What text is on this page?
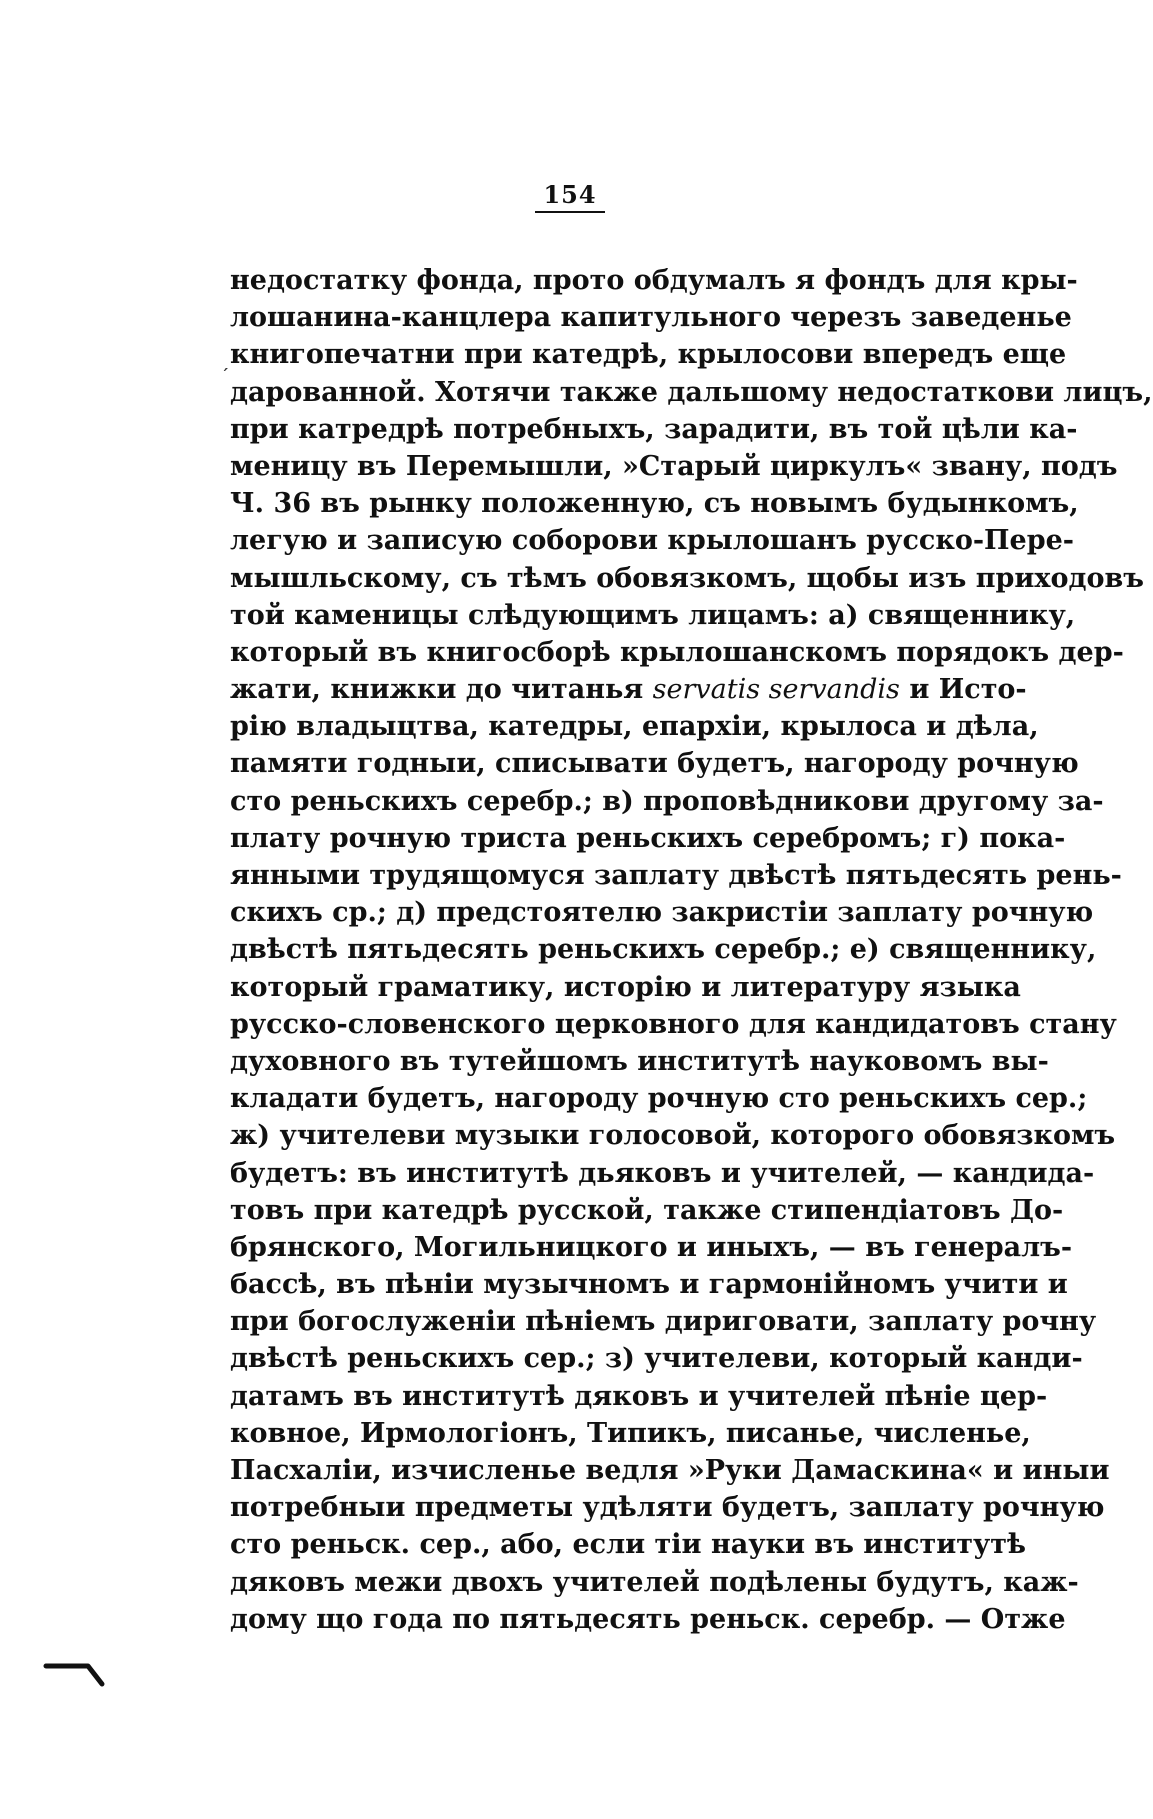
154
´
недостатку фонда, прото обдумалъ я фондъ для кры-
лошанина-канцлера капитульного черезъ заведенье
книгопечатни при катедрѣ, крылосови впередъ еще
дарованной. Хотячи также дальшому недостаткови лицъ,
при катредрѣ потребныхъ, зарадити, въ той цѣли ка-
меницу въ Перемышли, »Старый циркулъ« звану, подъ
Ч. 36 въ рынку положенную, съ новымъ будынкомъ,
легую и записую соборови крылошанъ русско-Пере-
мышльскому, съ тѣмъ обовязкомъ, щобы изъ приходовъ
той каменицы слѣдующимъ лицамъ: а) священнику,
который въ книгосборѣ крылошанскомъ порядокъ дер-
жати, книжки до читанья servatis servandis и Исто-
рію владыцтва, катедры, епархіи, крылоса и дѣла,
памяти годныи, списывати будетъ, нагороду рочную
сто реньскихъ серебр.; в) проповѣдникови другому за-
плату рочную триста реньскихъ серебромъ; г) пока-
янными трудящомуся заплату двѣстѣ пятьдесять рень-
скихъ ср.; д) предстоятелю закристіи заплату рочную
двѣстѣ пятьдесять реньскихъ серебр.; е) священнику,
который граматику, исторію и литературу языка
русско-словенского церковного для кандидатовъ стану
духовного въ тутейшомъ институтѣ науковомъ вы-
кладати будетъ, нагороду рочную сто реньскихъ сер.;
ж) учителеви музыки голосовой, которого обовязкомъ
будетъ: въ институтѣ дьяковъ и учителей, — кандида-
товъ при катедрѣ русской, также стипендіатовъ До-
брянского, Могильницкого и иныхъ, — въ генералъ-
бассѣ, въ пѣніи музычномъ и гармонійномъ учити и
при богослуженіи пѣніемъ дириговати, заплату рочну
двѣстѣ реньскихъ сер.; з) учителеви, который канди-
датамъ въ институтѣ дяковъ и учителей пѣніе цер-
ковное, Ирмологіонъ, Типикъ, писанье, численье,
Пасхаліи, изчисленье ведля »Руки Дамаскина« и иныи
потребныи предметы удѣляти будетъ, заплату рочную
сто реньск. сер., або, если тіи науки въ институтѣ
дяковъ межи двохъ учителей подѣлены будутъ, каж-
дому що года по пятьдесять реньск. серебр. — Отже
